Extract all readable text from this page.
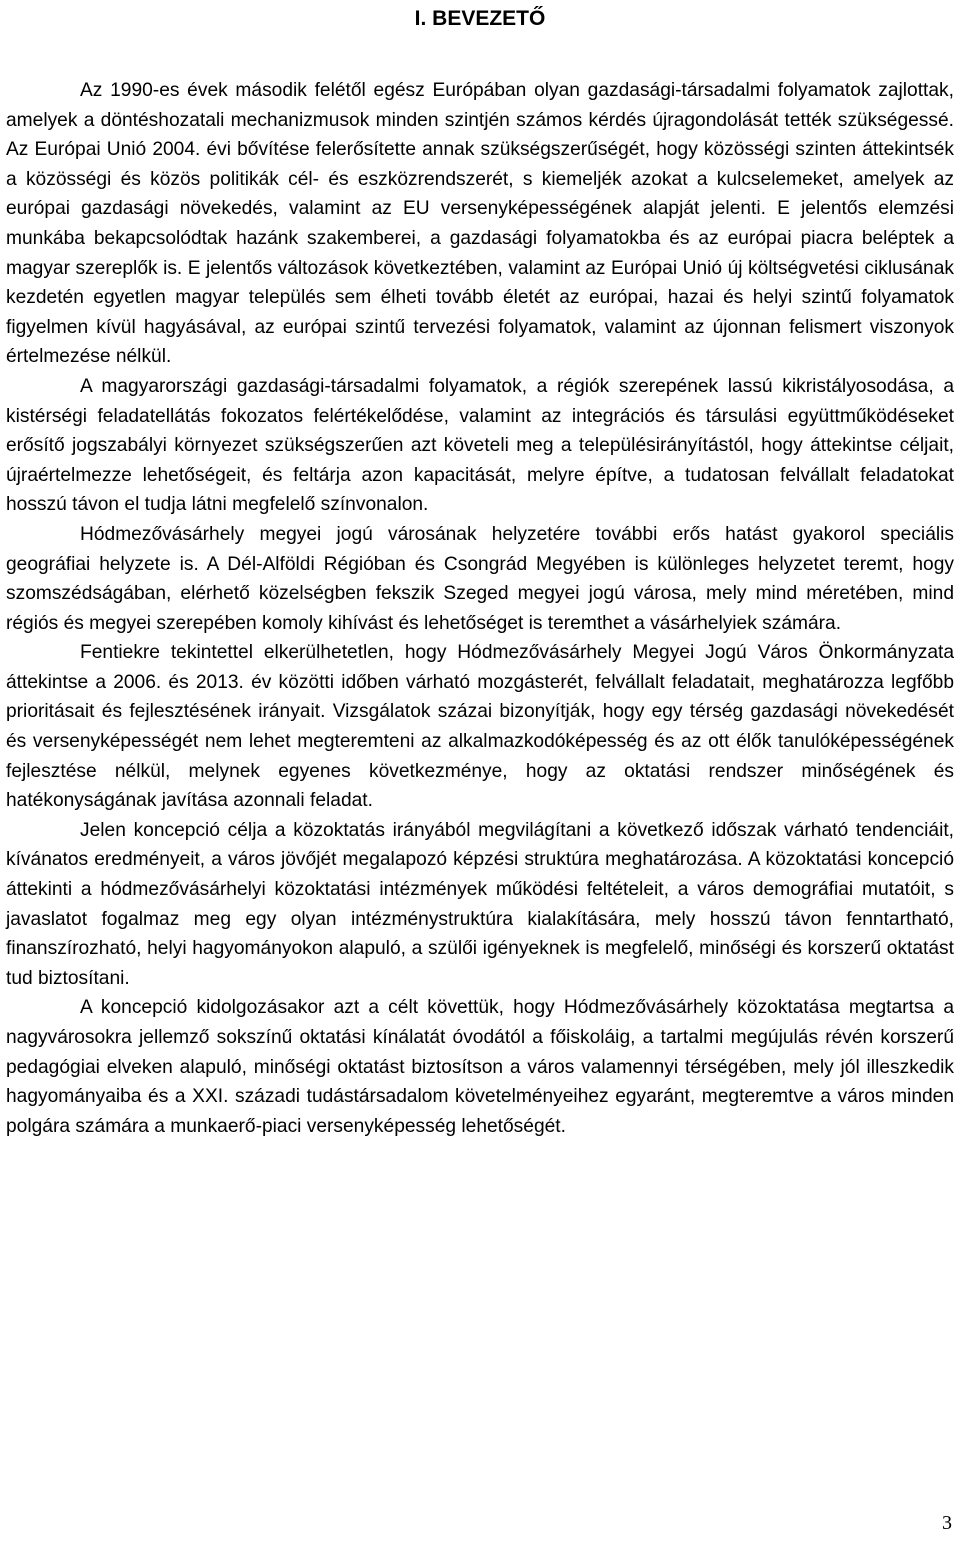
I. BEVEZETŐ

Az 1990-es évek második felétől egész Európában olyan gazdasági-társadalmi folyamatok zajlottak, amelyek a döntéshozatali mechanizmusok minden szintjén számos kérdés újragondolását tették szükségessé. Az Európai Unió 2004. évi bővítése felerősítette annak szükségszerűségét, hogy közösségi szinten áttekintsék a közösségi és közös politikák cél- és eszközrendszerét, s kiemeljék azokat a kulcselemeket, amelyek az európai gazdasági növekedés, valamint az EU versenyképességének alapját jelenti. E jelentős elemzési munkába bekapcsolódtak hazánk szakemberei, a gazdasági folyamatokba és az európai piacra beléptek a magyar szereplők is. E jelentős változások következtében, valamint az Európai Unió új költségvetési ciklusának kezdetén egyetlen magyar település sem élheti tovább életét az európai, hazai és helyi szintű folyamatok figyelmen kívül hagyásával, az európai szintű tervezési folyamatok, valamint az újonnan felismert viszonyok értelmezése nélkül.

A magyarországi gazdasági-társadalmi folyamatok, a régiók szerepének lassú kikristályosodása, a kistérségi feladatellátás fokozatos felértékelődése, valamint az integrációs és társulási együttműködéseket erősítő jogszabályi környezet szükségszerűen azt követeli meg a településirányítástól, hogy áttekintse céljait, újraértelmezze lehetőségeit, és feltárja azon kapacitását, melyre építve, a tudatosan felvállalt feladatokat hosszú távon el tudja látni megfelelő színvonalon.

Hódmezővásárhely megyei jogú városának helyzetére további erős hatást gyakorol speciális geográfiai helyzete is. A Dél-Alföldi Régióban és Csongrád Megyében is különleges helyzetet teremt, hogy szomszédságában, elérhető közelségben fekszik Szeged megyei jogú városa, mely mind méretében, mind régiós és megyei szerepében komoly kihívást és lehetőséget is teremthet a vásárhelyiek számára.

Fentiekre tekintettel elkerülhetetlen, hogy Hódmezővásárhely Megyei Jogú Város Önkormányzata áttekintse a 2006. és 2013. év közötti időben várható mozgásterét, felvállalt feladatait, meghatározza legfőbb prioritásait és fejlesztésének irányait. Vizsgálatok százai bizonyítják, hogy egy térség gazdasági növekedését és versenyképességét nem lehet megteremteni az alkalmazkodóképesség és az ott élők tanulóképességének fejlesztése nélkül, melynek egyenes következménye, hogy az oktatási rendszer minőségének és hatékonyságának javítása azonnali feladat.

Jelen koncepció célja a közoktatás irányából megvilágítani a következő időszak várható tendenciáit, kívánatos eredményeit, a város jövőjét megalapozó képzési struktúra meghatározása. A közoktatási koncepció áttekinti a hódmezővásárhelyi közoktatási intézmények működési feltételeit, a város demográfiai mutatóit, s javaslatot fogalmaz meg egy olyan intézménystruktúra kialakítására, mely hosszú távon fenntartható, finanszírozható, helyi hagyományokon alapuló, a szülői igényeknek is megfelelő, minőségi és korszerű oktatást tud biztosítani.

A koncepció kidolgozásakor azt a célt követtük, hogy Hódmezővásárhely közoktatása megtartsa a nagyvárosokra jellemző sokszínű oktatási kínálatát óvodától a főiskoláig, a tartalmi megújulás révén korszerű pedagógiai elveken alapuló, minőségi oktatást biztosítson a város valamennyi térségében, mely jól illeszkedik hagyományaiba és a XXI. századi tudástársadalom követelményeihez egyaránt, megteremtve a város minden polgára számára a munkaerő-piaci versenyképesség lehetőségét.

3
